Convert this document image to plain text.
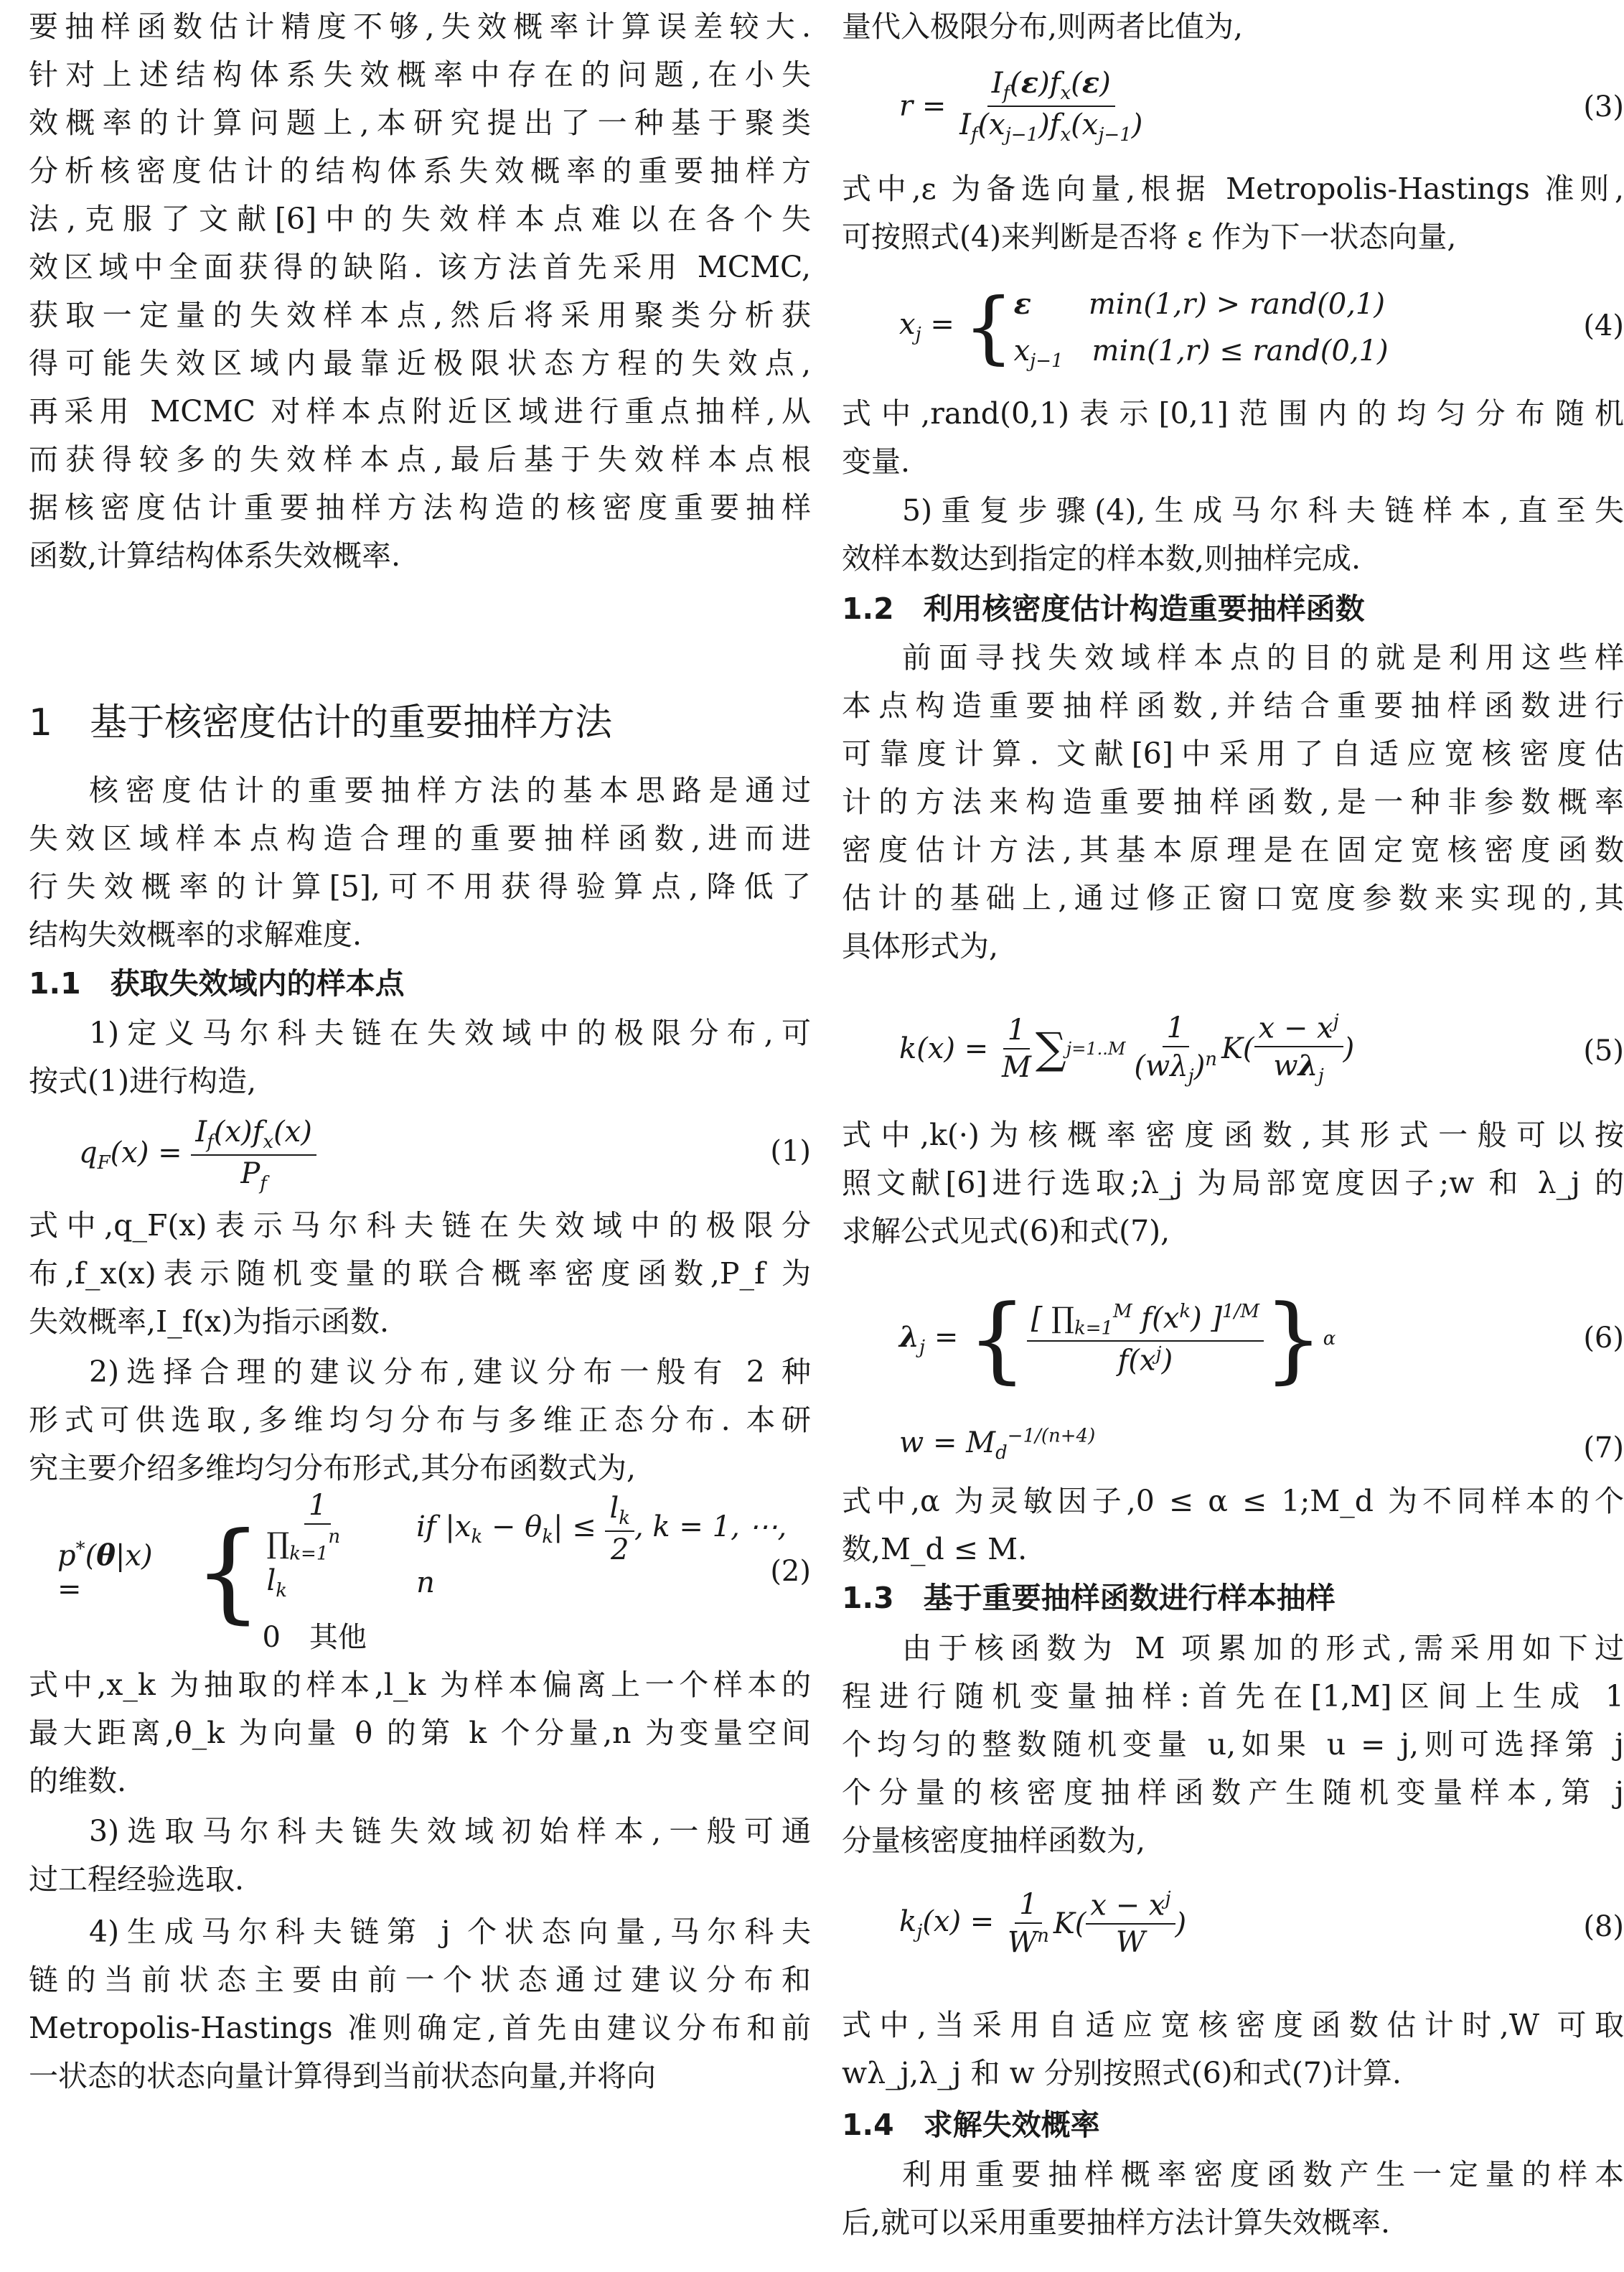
要抽样函数估计精度不够,失效概率计算误差较大.
针对上述结构体系失效概率中存在的问题,在小失
效概率的计算问题上,本研究提出了一种基于聚类
分析核密度估计的结构体系失效概率的重要抽样方
法,克服了文献[6]中的失效样本点难以在各个失
效区域中全面获得的缺陷. 该方法首先采用 MCMC,
获取一定量的失效样本点,然后将采用聚类分析获
得可能失效区域内最靠近极限状态方程的失效点,
再采用 MCMC 对样本点附近区域进行重点抽样,从
而获得较多的失效样本点,最后基于失效样本点根
据核密度估计重要抽样方法构造的核密度重要抽样
函数,计算结构体系失效概率.
1　基于核密度估计的重要抽样方法
核密度估计的重要抽样方法的基本思路是通过
失效区域样本点构造合理的重要抽样函数,进而进
行失效概率的计算[5],可不用获得验算点,降低了
结构失效概率的求解难度.
1.1　获取失效域内的样本点
1)定义马尔科夫链在失效域中的极限分布,可
按式(1)进行构造,
$q_F(x) = \frac{I_f(x)f_x(x)}{P_f}$	(1)
式中,q_F(x)表示马尔科夫链在失效域中的极限分
布,f_x(x)表示随机变量的联合概率密度函数,P_f 为
失效概率,I_f(x)为指示函数.
2)选择合理的建议分布,建议分布一般有 2 种
形式可供选取,多维均匀分布与多维正态分布. 本研
究主要介绍多维均匀分布形式,其分布函数式为,
p*(θ|x) = { $\frac{1}{\prod_{k=1}^n l_k}$ if $|x_k - \theta_k| \le \frac{l_k}{2}$ , k = 1, ⋯, n
0　其他
(2)
式中,x_k 为抽取的样本,l_k 为样本偏离上一个样本的
最大距离,θ_k 为向量 θ 的第 k 个分量,n 为变量空间
的维数.
3)选取马尔科夫链失效域初始样本,一般可通
过工程经验选取.
4)生成马尔科夫链第 j 个状态向量,马尔科夫
链的当前状态主要由前一个状态通过建议分布和
Metropolis-Hastings 准则确定,首先由建议分布和前
一状态的状态向量计算得到当前状态向量,并将向
量代入极限分布,则两者比值为,
$r = \frac{I_f(\varepsilon)f_x(\varepsilon)}{I_f(x_{j-1})f_x(x_{j-1})}$	(3)
式中,ε 为备选向量,根据 Metropolis-Hastings 准则,
可按照式(4)来判断是否将 ε 作为下一状态向量,
$x_j$ = { ε　　min(1,r) > rand(0,1)
$x_{j-1}$　min(1,r) ≤ rand(0,1)
(4)
式中,rand(0,1)表示[0,1]范围内的均匀分布随机
变量.
5)重复步骤(4),生成马尔科夫链样本,直至失
效样本数达到指定的样本数,则抽样完成.
1.2　利用核密度估计构造重要抽样函数
前面寻找失效域样本点的目的就是利用这些样
本点构造重要抽样函数,并结合重要抽样函数进行
可靠度计算. 文献[6]中采用了自适应宽核密度估
计的方法来构造重要抽样函数,是一种非参数概率
密度估计方法,其基本原理是在固定宽核密度函数
估计的基础上,通过修正窗口宽度参数来实现的,其
具体形式为,
$k(x) = \frac{1}{M}$ ∑ $j=1..M \frac{1}{(w\lambda_j)^n} K( \frac{x - x^j}{w\lambda_j}$ )	(5)
式中,k(·)为核概率密度函数,其形式一般可以按
照文献[6]进行选取;λ_j 为局部宽度因子;w 和 λ_j 的
求解公式见式(6)和式(7),
$\lambda_j$ = { $\frac{[ \prod_{k=1}^M f(x^k) ]^{1/M}}{f(x^j)}$ } α	(6)
$w = M_d^{-1/(n+4)}$	(7)
式中,α 为灵敏因子,0 ≤ α ≤ 1;M_d 为不同样本的个
数,M_d ≤ M.
1.3　基于重要抽样函数进行样本抽样
由于核函数为 M 项累加的形式,需采用如下过
程进行随机变量抽样:首先在[1,M]区间上生成 1
个均匀的整数随机变量 u,如果 u = j,则可选择第 j
个分量的核密度抽样函数产生随机变量样本,第 j
分量核密度抽样函数为,
$k_j(x) = \frac{1}{W^n} K( \frac{x - x^j}{W}$ )	(8)
式中,当采用自适应宽核密度函数估计时,W 可取
wλ_j,λ_j 和 w 分别按照式(6)和式(7)计算.
1.4　求解失效概率
利用重要抽样概率密度函数产生一定量的样本
后,就可以采用重要抽样方法计算失效概率.
